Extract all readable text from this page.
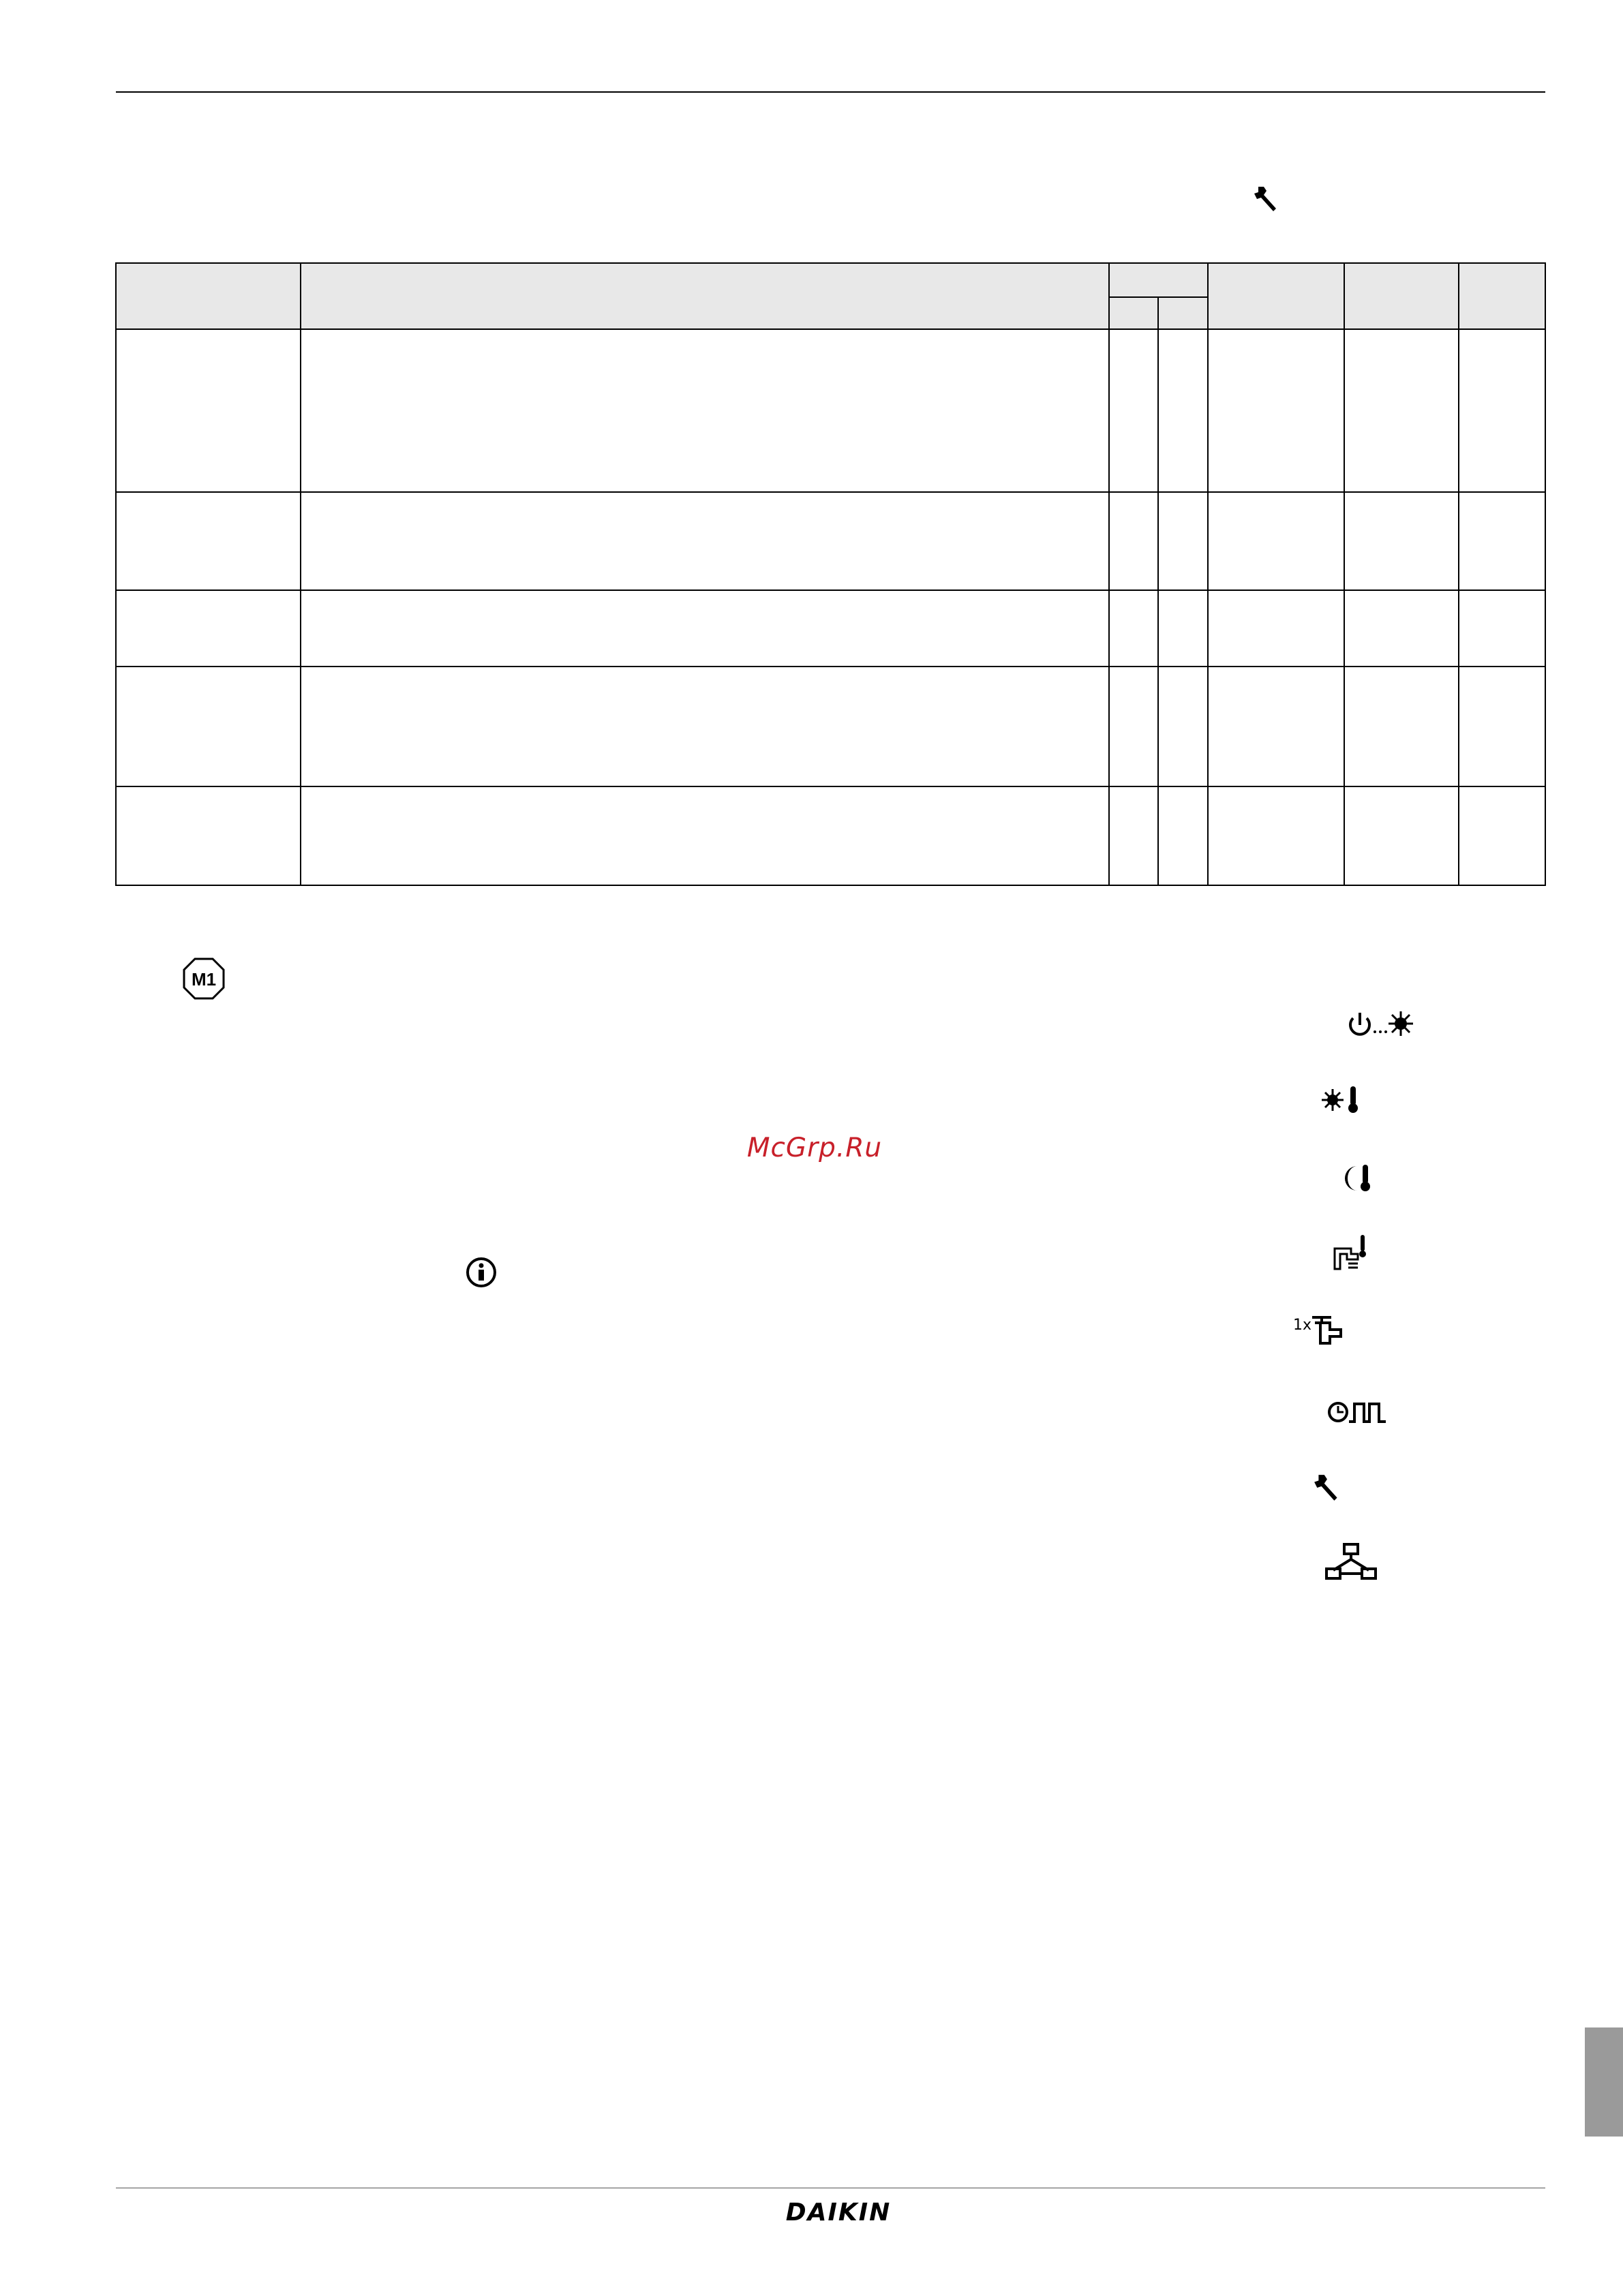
M1
1x
McGrp.Ru
DAIKIN
